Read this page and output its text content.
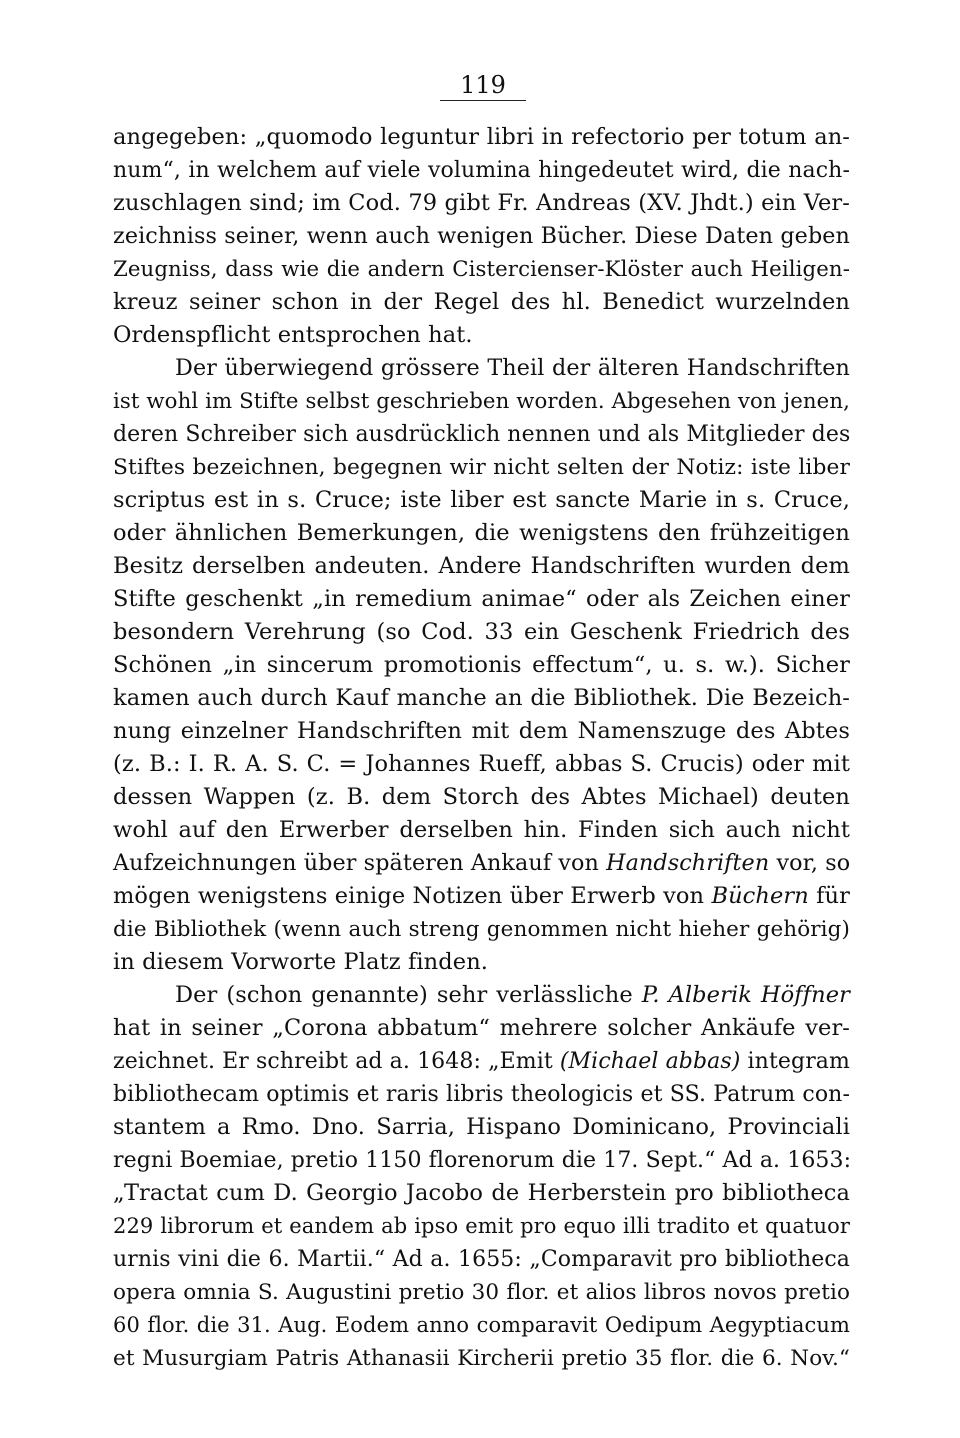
119
angegeben: „quomodo leguntur libri in refectorio per totum an-
num“, in welchem auf viele volumina hingedeutet wird, die nach-
zuschlagen sind; im Cod. 79 gibt Fr. Andreas (XV. Jhdt.) ein Ver-
zeichniss seiner, wenn auch wenigen Bücher. Diese Daten geben
Zeugniss, dass wie die andern Cistercienser-Klöster auch Heiligen-
kreuz seiner schon in der Regel des hl. Benedict wurzelnden
Ordenspflicht entsprochen hat.
Der überwiegend grössere Theil der älteren Handschriften
ist wohl im Stifte selbst geschrieben worden. Abgesehen von jenen,
deren Schreiber sich ausdrücklich nennen und als Mitglieder des
Stiftes bezeichnen, begegnen wir nicht selten der Notiz: iste liber
scriptus est in s. Cruce; iste liber est sancte Marie in s. Cruce,
oder ähnlichen Bemerkungen, die wenigstens den frühzeitigen
Besitz derselben andeuten. Andere Handschriften wurden dem
Stifte geschenkt „in remedium animae“ oder als Zeichen einer
besondern Verehrung (so Cod. 33 ein Geschenk Friedrich des
Schönen „in sincerum promotionis effectum“, u. s. w.). Sicher
kamen auch durch Kauf manche an die Bibliothek. Die Bezeich-
nung einzelner Handschriften mit dem Namenszuge des Abtes
(z. B.: I. R. A. S. C. = Johannes Rueff, abbas S. Crucis) oder mit
dessen Wappen (z. B. dem Storch des Abtes Michael) deuten
wohl auf den Erwerber derselben hin. Finden sich auch nicht
Aufzeichnungen über späteren Ankauf von Handschriften vor, so
mögen wenigstens einige Notizen über Erwerb von Büchern für
die Bibliothek (wenn auch streng genommen nicht hieher gehörig)
in diesem Vorworte Platz finden.
Der (schon genannte) sehr verlässliche P. Alberik Höffner
hat in seiner „Corona abbatum“ mehrere solcher Ankäufe ver-
zeichnet. Er schreibt ad a. 1648: „Emit (Michael abbas) integram
bibliothecam optimis et raris libris theologicis et SS. Patrum con-
stantem a Rmo. Dno. Sarria, Hispano Dominicano, Provinciali
regni Boemiae, pretio 1150 florenorum die 17. Sept.“ Ad a. 1653:
„Tractat cum D. Georgio Jacobo de Herberstein pro bibliotheca
229 librorum et eandem ab ipso emit pro equo illi tradito et quatuor
urnis vini die 6. Martii.“ Ad a. 1655: „Comparavit pro bibliotheca
opera omnia S. Augustini pretio 30 flor. et alios libros novos pretio
60 flor. die 31. Aug. Eodem anno comparavit Oedipum Aegyptiacum
et Musurgiam Patris Athanasii Kircherii pretio 35 flor. die 6. Nov.“
